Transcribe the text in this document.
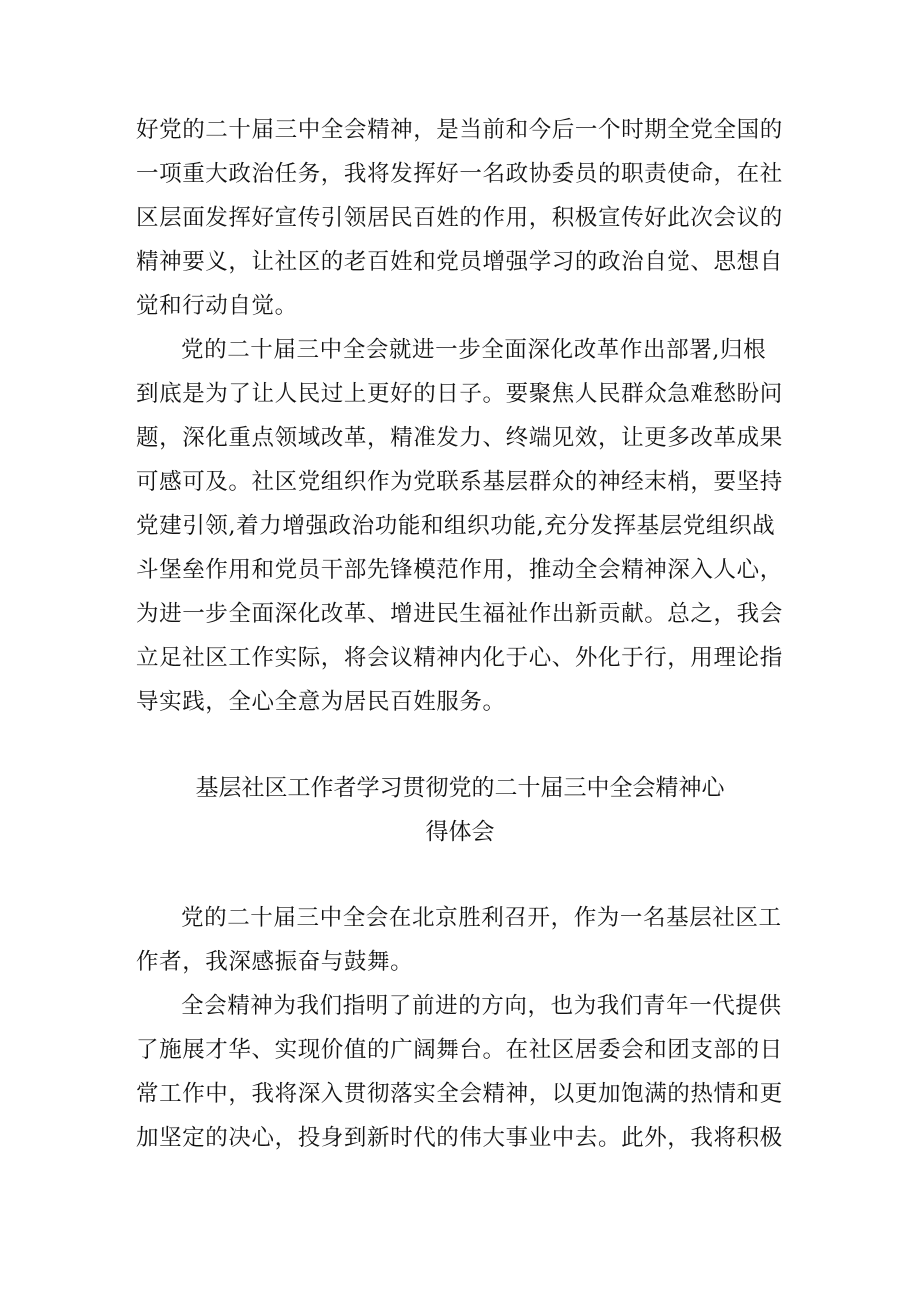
好党的二十届三中全会精神，是当前和今后一个时期全党全国的
一项重大政治任务，我将发挥好一名政协委员的职责使命，在社
区层面发挥好宣传引领居民百姓的作用，积极宣传好此次会议的
精神要义，让社区的老百姓和党员增强学习的政治自觉、思想自
觉和行动自觉。
党的二十届三中全会就进一步全面深化改革作出部署,归根
到底是为了让人民过上更好的日子。要聚焦人民群众急难愁盼问
题，深化重点领域改革，精准发力、终端见效，让更多改革成果
可感可及。社区党组织作为党联系基层群众的神经末梢，要坚持
党建引领,着力增强政治功能和组织功能,充分发挥基层党组织战
斗堡垒作用和党员干部先锋模范作用，推动全会精神深入人心，
为进一步全面深化改革、增进民生福祉作出新贡献。总之，我会
立足社区工作实际，将会议精神内化于心、外化于行，用理论指
导实践，全心全意为居民百姓服务。
基层社区工作者学习贯彻党的二十届三中全会精神心
得体会
党的二十届三中全会在北京胜利召开，作为一名基层社区工
作者，我深感振奋与鼓舞。
全会精神为我们指明了前进的方向，也为我们青年一代提供
了施展才华、实现价值的广阔舞台。在社区居委会和团支部的日
常工作中，我将深入贯彻落实全会精神，以更加饱满的热情和更
加坚定的决心，投身到新时代的伟大事业中去。此外，我将积极
